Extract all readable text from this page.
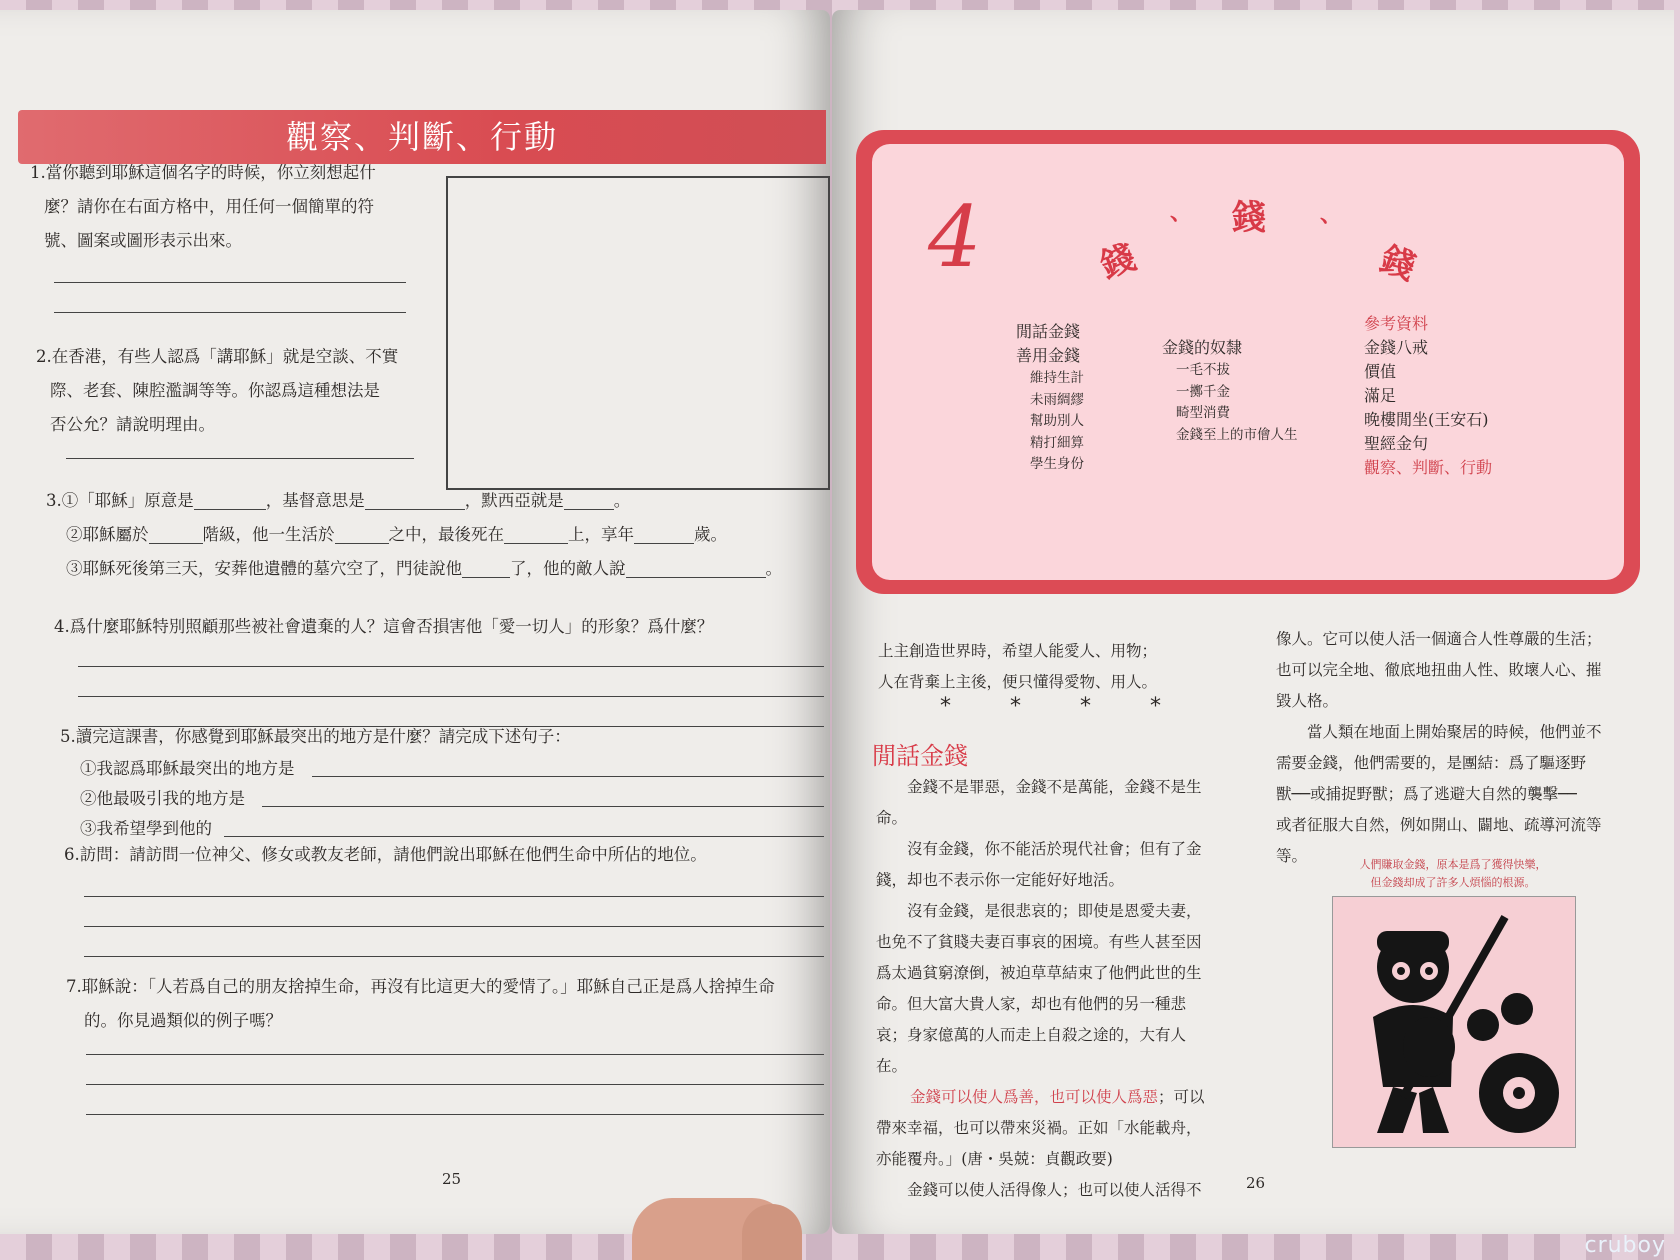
觀察、判斷、行動
1.當你聽到耶穌這個名字的時候，你立刻想起什
麼？請你在右面方格中，用任何一個簡單的符
號、圖案或圖形表示出來。
2.在香港，有些人認爲「講耶穌」就是空談、不實
際、老套、陳腔濫調等等。你認爲這種想法是
否公允？請說明理由。
3.①「耶穌」原意是	，基督意思是	，默西亞就是	。
②耶穌屬於	階級，他一生活於	之中，最後死在	上，享年	歲。
③耶穌死後第三天，安葬他遺體的墓穴空了，門徒說他	了，他的敵人說	。
4.爲什麼耶穌特別照顧那些被社會遺棄的人？這會否損害他「愛一切人」的形象？爲什麼？
5.讀完這課書，你感覺到耶穌最突出的地方是什麼？請完成下述句子：
①我認爲耶穌最突出的地方是
②他最吸引我的地方是
③我希望學到他的
6.訪問：請訪問一位神父、修女或教友老師，請他們說出耶穌在他們生命中所佔的地位。
7.耶穌說：「人若爲自己的朋友捨掉生命，再沒有比這更大的愛情了。」耶穌自己正是爲人捨掉生命
的。你見過類似的例子嗎？
25
4	錢
、 錢 、
錢
閒話金錢
善用金錢
維持生計
未雨綢繆
幫助別人
精打細算
學生身份
金錢的奴隸
一毛不拔
一擲千金
畸型消費
金錢至上的市儈人生
參考資料
金錢八戒
價值
滿足
晚樓閒坐(王安石)
聖經金句
觀察、判斷、行動
上主創造世界時，希望人能愛人、用物；
人在背棄上主後，便只懂得愛物、用人。
*	*	*	*
閒話金錢
　　金錢不是罪惡，金錢不是萬能，金錢不是生
命。
　　沒有金錢，你不能活於現代社會；但有了金
錢，却也不表示你一定能好好地活。
　　沒有金錢，是很悲哀的；即使是恩愛夫妻，
也免不了貧賤夫妻百事哀的困境。有些人甚至因
爲太過貧窮潦倒，被迫草草結束了他們此世的生
命。但大富大貴人家，却也有他們的另一種悲
哀；身家億萬的人而走上自殺之途的，大有人
在。
金錢可以使人爲善，也可以使人爲惡；可以
帶來幸福，也可以帶來災禍。正如「水能載舟，
亦能覆舟。」(唐・吳兢：貞觀政要)
　　金錢可以使人活得像人；也可以使人活得不
像人。它可以使人活一個適合人性尊嚴的生活；
也可以完全地、徹底地扭曲人性、敗壞人心、摧
毀人格。
　　當人類在地面上開始聚居的時候，他們並不
需要金錢，他們需要的，是團結：爲了驅逐野
獸──或捕捉野獸；爲了逃避大自然的襲擊──
或者征服大自然，例如開山、闢地、疏導河流等
等。	人們賺取金錢，原本是爲了獲得快樂，
但金錢却成了許多人煩惱的根源。
26
cruboy
